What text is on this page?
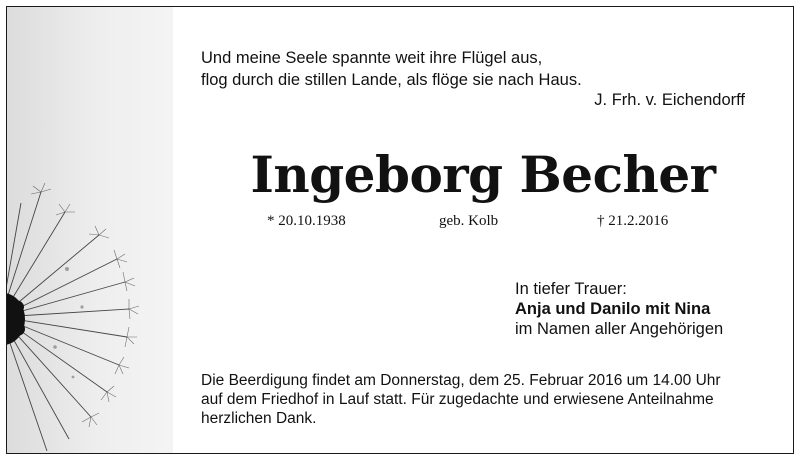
Und meine Seele spannte weit ihre Flügel aus,
flog durch die stillen Lande, als flöge sie nach Haus.
J. Frh. v. Eichendorff
Ingeborg Becher
* 20.10.1938	geb. Kolb	† 21.2.2016
In tiefer Trauer:
Anja und Danilo mit Nina
im Namen aller Angehörigen
Die Beerdigung findet am Donnerstag, dem 25. Februar 2016 um 14.00 Uhr
auf dem Friedhof in Lauf statt. Für zugedachte und erwiesene Anteilnahme
herzlichen Dank.
